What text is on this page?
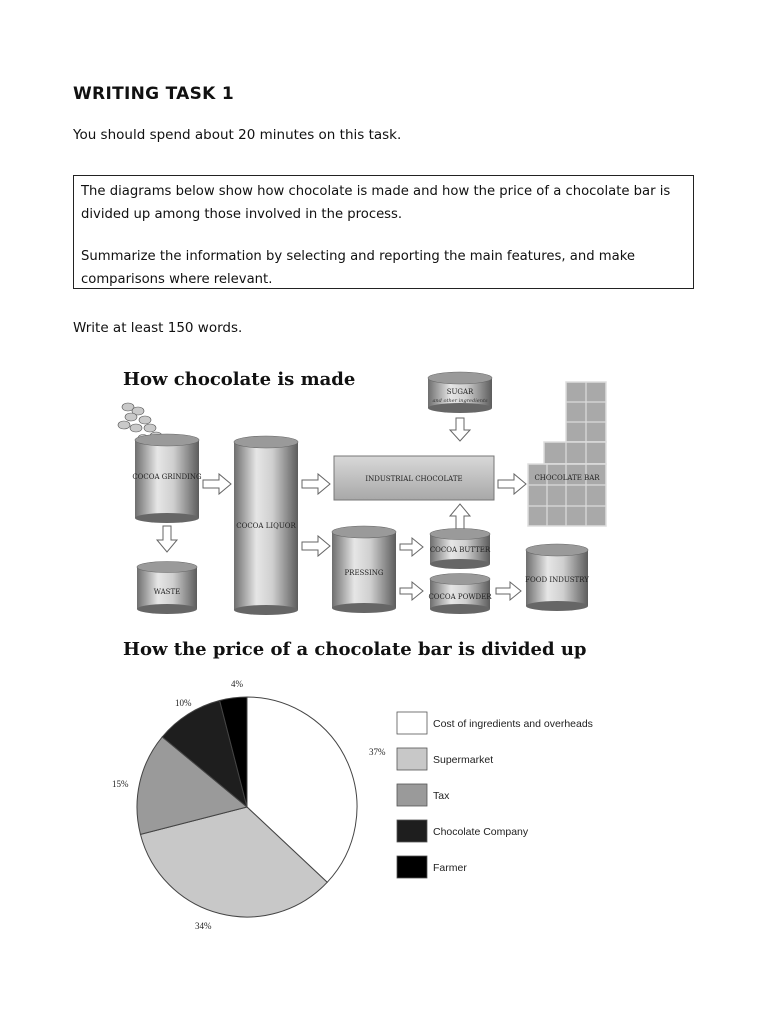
WRITING TASK 1
You should spend about 20 minutes on this task.

The diagrams below show how chocolate is made and how the price of a chocolate bar is divided up among those involved in the process.

Summarize the information by selecting and reporting the main features, and make comparisons where relevant.

Write at least 150 words.
How chocolate is made
COCOA GRINDING
WASTE
COCOA LIQUOR
INDUSTRIAL CHOCOLATE
PRESSING
SUGAR
and other ingredients
COCOA BUTTER
COCOA POWDER
FOOD INDUSTRY
CHOCOLATE BAR
How the price of a chocolate bar is divided up
37%
34%
15%
10%
4%
Cost of ingredients and overheads
Supermarket
Tax
Chocolate Company
Farmer
